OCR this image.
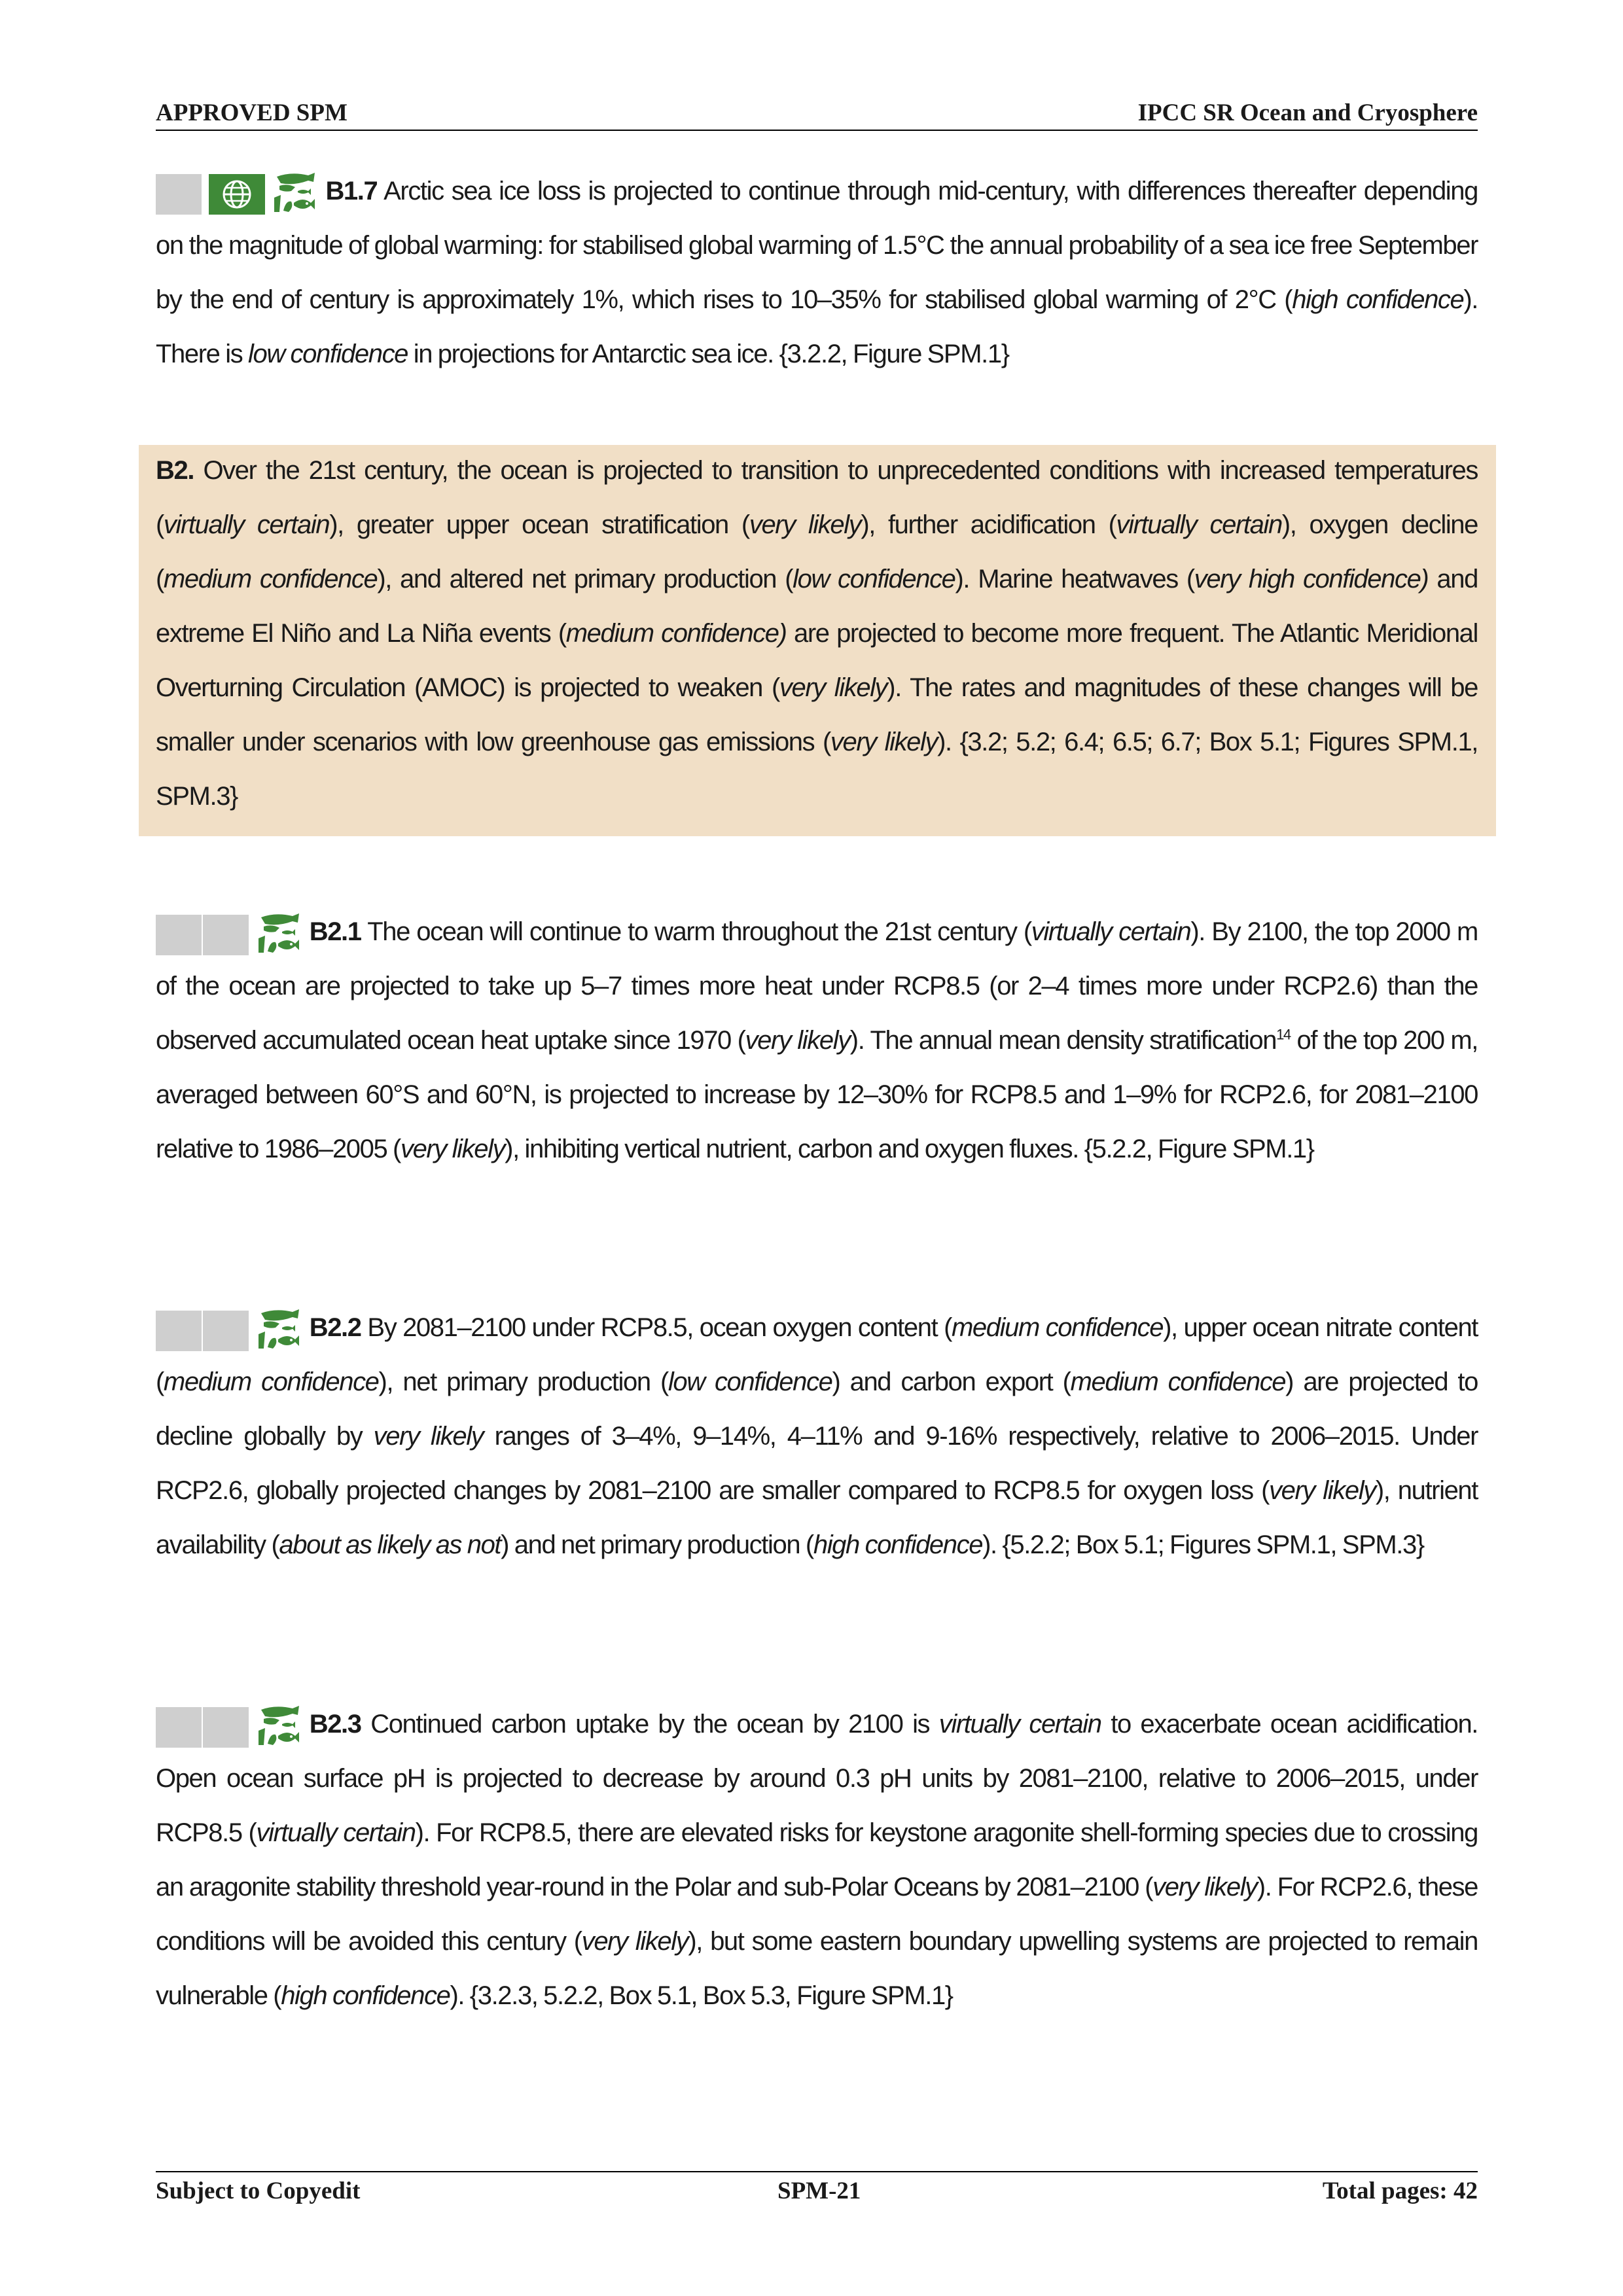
APPROVED SPM	IPCC SR Ocean and Cryosphere
B1.7 Arctic sea ice loss is projected to continue through mid-century, with differences thereafter depending on the magnitude of global warming: for stabilised global warming of 1.5°C the annual probability of a sea ice free September by the end of century is approximately 1%, which rises to 10–35% for stabilised global warming of 2°C (high confidence). There is low confidence in projections for Antarctic sea ice. {3.2.2, Figure SPM.1}
B2. Over the 21st century, the ocean is projected to transition to unprecedented conditions with increased temperatures (virtually certain), greater upper ocean stratification (very likely), further acidification (virtually certain), oxygen decline (medium confidence), and altered net primary production (low confidence). Marine heatwaves (very high confidence) and extreme El Niño and La Niña events (medium confidence) are projected to become more frequent. The Atlantic Meridional Overturning Circulation (AMOC) is projected to weaken (very likely). The rates and magnitudes of these changes will be smaller under scenarios with low greenhouse gas emissions (very likely). {3.2; 5.2; 6.4; 6.5; 6.7; Box 5.1; Figures SPM.1, SPM.3}
B2.1 The ocean will continue to warm throughout the 21st century (virtually certain). By 2100, the top 2000 m of the ocean are projected to take up 5–7 times more heat under RCP8.5 (or 2–4 times more under RCP2.6) than the observed accumulated ocean heat uptake since 1970 (very likely). The annual mean density stratification$^{14}$ of the top 200 m, averaged between 60°S and 60°N, is projected to increase by 12–30% for RCP8.5 and 1–9% for RCP2.6, for 2081–2100 relative to 1986–2005 (very likely), inhibiting vertical nutrient, carbon and oxygen fluxes. {5.2.2, Figure SPM.1}
B2.2 By 2081–2100 under RCP8.5, ocean oxygen content (medium confidence), upper ocean nitrate content (medium confidence), net primary production (low confidence) and carbon export (medium confidence) are projected to decline globally by very likely ranges of 3–4%, 9–14%, 4–11% and 9-16% respectively, relative to 2006–2015. Under RCP2.6, globally projected changes by 2081–2100 are smaller compared to RCP8.5 for oxygen loss (very likely), nutrient availability (about as likely as not) and net primary production (high confidence). {5.2.2; Box 5.1; Figures SPM.1, SPM.3}
B2.3 Continued carbon uptake by the ocean by 2100 is virtually certain to exacerbate ocean acidification. Open ocean surface pH is projected to decrease by around 0.3 pH units by 2081–2100, relative to 2006–2015, under RCP8.5 (virtually certain). For RCP8.5, there are elevated risks for keystone aragonite shell-forming species due to crossing an aragonite stability threshold year-round in the Polar and sub-Polar Oceans by 2081–2100 (very likely). For RCP2.6, these conditions will be avoided this century (very likely), but some eastern boundary upwelling systems are projected to remain vulnerable (high confidence). {3.2.3, 5.2.2, Box 5.1, Box 5.3, Figure SPM.1}
Subject to Copyedit	SPM-21	Total pages: 42
